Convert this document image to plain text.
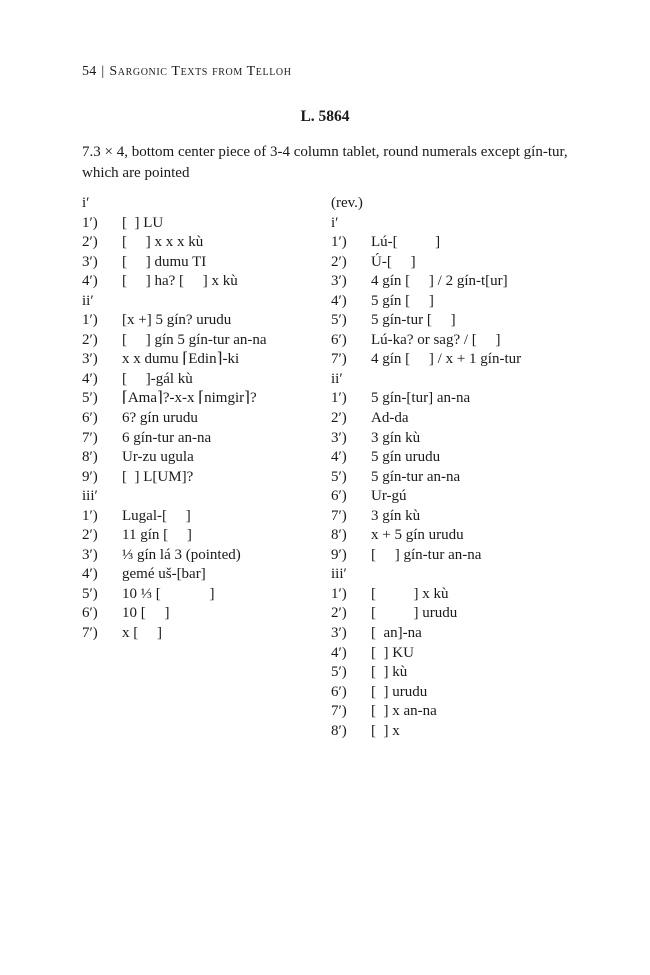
54 | Sargonic Texts from Telloh
L. 5864
7.3 × 4, bottom center piece of 3-4 column tablet, round numerals except gín-tur, which are pointed
i′
1′) [  ] LU
2′) [     ] x x x kù
3′) [     ] dumu TI
4′) [     ] ha? [     ] x kù
ii′
1′) [x +] 5 gín? urudu
2′) [     ] gín 5 gín-tur an-na
3′) x x dumu ⌈Edin⌉-ki
4′) [     ]-gál kù
5′) ⌈Ama⌉?-x-x ⌈nimgir⌉?
6′) 6? gín urudu
7′) 6 gín-tur an-na
8′) Ur-zu ugula
9′) [  ] L[UM]?
iii′
1′) Lugal-[     ]
2′) 11 gín [     ]
3′) ⅓ gín lá 3 (pointed)
4′) gemé uš-[bar]
5′) 10 ⅓ [             ]
6′) 10 [     ]
7′) x [     ]
(rev.)
i′
1′) Lú-[          ]
2′) Ú-[     ]
3′) 4 gín [     ] / 2 gín-t[ur]
4′) 5 gín [     ]
5′) 5 gín-tur [     ]
6′) Lú-ka? or sag? / [     ]
7′) 4 gín [     ] / x + 1 gín-tur
ii′
1′) 5 gín-[tur] an-na
2′) Ad-da
3′) 3 gín kù
4′) 5 gín urudu
5′) 5 gín-tur an-na
6′) Ur-gú
7′) 3 gín kù
8′) x + 5 gín urudu
9′) [     ] gín-tur an-na
iii′
1′) [          ] x kù
2′) [          ] urudu
3′) [  an]-na
4′) [  ] KU
5′) [  ] kù
6′) [  ] urudu
7′) [  ] x an-na
8′) [  ] x
